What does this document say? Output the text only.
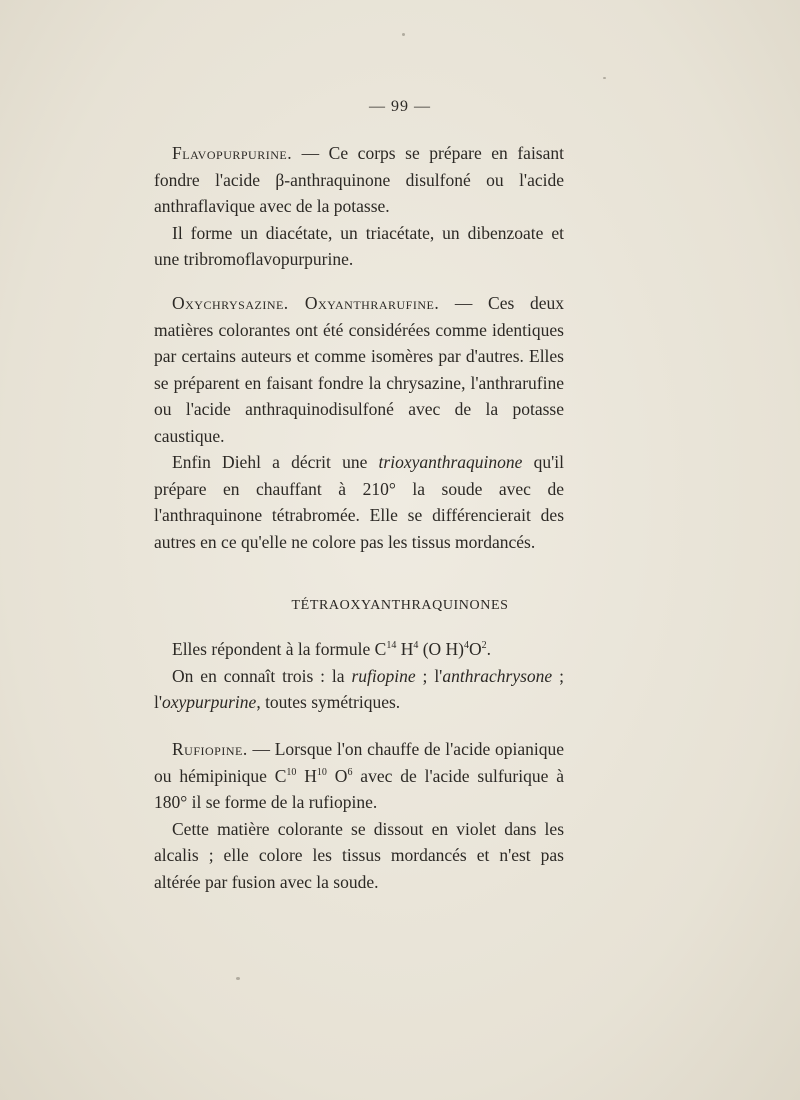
— 99 —

Flavopurpurine. — Ce corps se prépare en faisant fondre l'acide β-anthraquinone disulfoné ou l'acide anthraflavique avec de la potasse.

Il forme un diacétate, un triacétate, un dibenzoate et une tribromoflavopurpurine.

Oxychrysazine. Oxyanthrarufine. — Ces deux matières colorantes ont été considérées comme identiques par certains auteurs et comme isomères par d'autres. Elles se préparent en faisant fondre la chrysazine, l'anthrarufine ou l'acide anthraquinodisulfoné avec de la potasse caustique.

Enfin Diehl a décrit une trioxyanthraquinone qu'il prépare en chauffant à 210° la soude avec de l'anthraquinone tétrabromée. Elle se différencierait des autres en ce qu'elle ne colore pas les tissus mordancés.

TÉTRAOXYANTHRAQUINONES

Elles répondent à la formule $C^{14}$ $H^4$ (O $H)^4O^2$.

On en connaît trois : la rufiopine ; l'anthrachrysone ; l'oxypurpurine, toutes symétriques.

Rufiopine. — Lorsque l'on chauffe de l'acide opianique ou hémipinique $C^{10}$ $H^{10}$ $O^6$ avec de l'acide sulfurique à 180° il se forme de la rufiopine.

Cette matière colorante se dissout en violet dans les alcalis ; elle colore les tissus mordancés et n'est pas altérée par fusion avec la soude.
